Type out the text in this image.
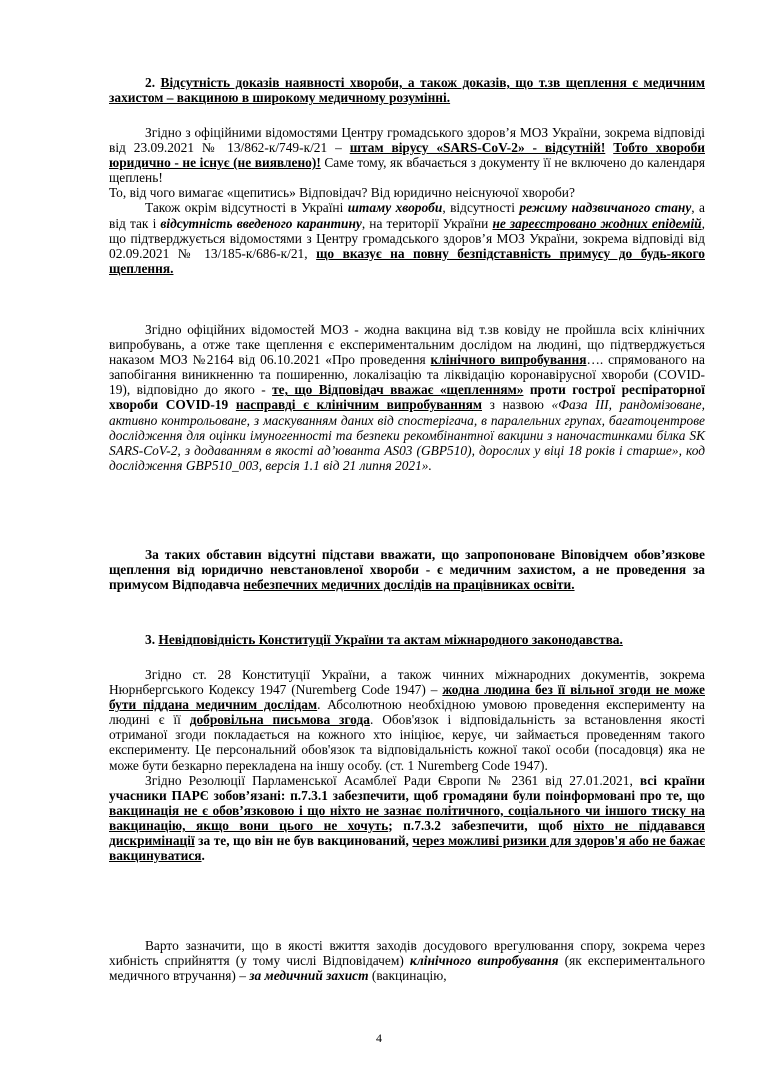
2. Відсутність доказів наявності хвороби, а також доказів, що т.зв щеплення є медичним захистом – вакциною в широкому медичному розумінні.

Згідно з офіційними відомостями Центру громадського здоров’я МОЗ України, зокрема відповіді від 23.09.2021 № 13/862-к/749-к/21 – штам вірусу «SARS-CoV-2» - відсутній! Тобто хвороби юридично - не існує (не виявлено)! Саме тому, як вбачається з документу її не включено до календаря щеплень!

То, від чого вимагає «щепитись» Відповідач? Від юридично неіснуючої хвороби?

Також окрім відсутності в Україні штаму хвороби, відсутності режиму надзвичаного стану, а від так і відсутність введеного карантину, на території України не зареєстровано жодних епідемій, що підтверджується відомостями з Центру громадського здоров’я МОЗ України, зокрема відповіді від 02.09.2021 № 13/185-к/686-к/21, що вказує на повну безпідставність примусу до будь-якого щеплення.

Згідно офіційних відомостей МОЗ - жодна вакцина від т.зв ковіду не пройшла всіх клінічних випробувань, а отже таке щеплення є експериментальним дослідом на людині, що підтверджується наказом МОЗ №2164 від 06.10.2021 «Про проведення клінічного випробування…. спрямованого на запобігання виникненню та поширенню, локалізацію та ліквідацію коронавірусної хвороби (COVID-19), відповідно до якого - те, що Відповідач вважає «щепленням» проти гострої респіраторної хвороби COVID-19 насправді є клінічним випробуванням з назвою «Фаза III, рандомізоване, активно контрольоване, з маскуванням даних від спостерігача, в паралельних групах, багатоцентрове дослідження для оцінки імуногенності та безпеки рекомбінантної вакцини з наночастинками білка SK SARS-CoV-2, з додаванням в якості ад’юванта AS03 (GBP510), дорослих у віці 18 років і старше», код дослідження GBP510_003, версія 1.1 від 21 липня 2021».

За таких обставин відсутні підстави вважати, що запропоноване Віповідчем обов’язкове щеплення від юридично невстановленої хвороби - є медичним захистом, а не проведення за примусом Відподавча небезпечних медичних дослідів на працівниках освіти.

3. Невідповідність Конституції України та актам міжнародного законодавства.

Згідно ст. 28 Конституції України, а також чинних міжнародних документів, зокрема Нюрнбергського Кодексу 1947 (Nuremberg Code 1947) – жодна людина без її вільної згоди не може бути піддана медичним дослідам. Абсолютною необхідною умовою проведення експерименту на людині є її добровільна письмова згода. Обов'язок і відповідальність за встановлення якості отриманої згоди покладається на кожного хто ініціює, керує, чи займається проведенням такого експерименту. Це персональний обов'язок та відповідальність кожної такої особи (посадовця) яка не може бути безкарно перекладена на іншу особу. (ст. 1 Nuremberg Code 1947).

Згідно Резолюції Парламенської Асамблеї Ради Європи № 2361 від 27.01.2021, всі країни учасники ПАРЄ зобов’язані: п.7.3.1 забезпечити, щоб громадяни були поінформовані про те, що вакцинація не є обов’язковою і що ніхто не зазнає політичного, соціального чи іншого тиску на вакцинацію, якщо вони цього не хочуть; п.7.3.2 забезпечити, щоб ніхто не піддавався дискримінації за те, що він не був вакцинований, через можливі ризики для здоров'я або не бажає вакцинуватися.

Варто зазначити, що в якості вжиття заходів досудового врегулювання спору, зокрема через хибність сприйняття (у тому числі Відповідачем) клінічного випробування (як експериментального медичного втручання) – за медичний захист (вакцинацію,

4
